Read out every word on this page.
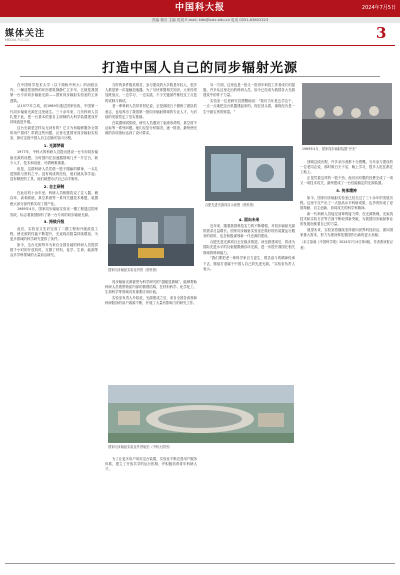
中国科大报	2024年7月5日
责编 秦川 主编 范成 E-mail: kdb@ustc.edu.cn 电话 0551-63602323
媒体关注
MEDIA FOCUS	3
打造中国人自己的同步辐射光源

在中国科学技术大学（以下简称中科大）的西校区内，一幢造型独特的环形建筑静静伫立多年，它就是我国第一台专用同步辐射光源——国家同步辐射实验室的主体建筑。

从1977年立项，到1989年通过国家验收，中国第一代同步辐射光源在这里诞生。三十余年来，几代科研人员扎根于此，把一台基本依靠自主研制的大科学装置建成并持续改进升级。

这台光源是怎样从无到有的？它又为何能够服务全国的用户群体？带着这些问题，记者走进国家同步辐射实验室，探访这段中国人自主创新的奋斗历程。

1. 光源梦萌

1977年，中科大的科研人员提出建设一台专用同步辐射光源的设想。当时国内在加速器领域几乎一片空白，缺少人才、技术和设备，可谓困难重重。

但是，这群科研人员凭借一股不服输的精神，一头扎进图纸与资料之中。没有现成的经验，他们就从零学起；没有精密的工具，他们就想办法自己动手制作。

2. 自主研制

在此后的十余年里，科研人员相继攻克了注入器、储存环、高频系统、真空系统等一系列关键技术难题，装置绝大部分部件都实现了国产化。

1989年4月，国家同步辐射实验室一期工程通过国家验收，标志着我国拥有了第一台专用的同步辐射光源。

3. 持续升级

此后，实验室又先后完成了二期工程和升级改造工程，使光源的性能不断提升，光束线站数量持续增加，为更多领域的科学研究提供了条件。

如今，这台光源每年为来自全国各地的科研人员提供数千小时的开放机时，支撑了材料、化学、生命、能源等众多学科领域的大量前沿研究。

当时的条件极其艰苦，参与建设的大多数是年轻人，很多人都是第一次接触加速器。为了尽快掌握相关知识，大家经常加班加点，一边学习，一边实践，不少关键部件都经过了反复的试制与调试。

老一辈科研人员常常回忆说，正是那段日子磨练了团队的意志，也培养出了我国第一批同步辐射领域的专业人才，为后续的发展奠定了坚实基础。

在装置调试阶段，研究人员遇到了束流寿命短、真空度不达标等一系列问题。他们反复分析原因，逐一排查，最终使光源的各项指标达到了设计要求。

国家同步辐射实验室内景（资料图）

同步辐射光源被誉为科学研究的“超级显微镜”，能够帮助科研人员观察物质内部的微观结构，在材料科学、化学化工、生命科学等领域具有重要应用价值。

实验室负责人介绍说，光源建成之后，来自全国各高校和科研院所的用户源源不断，开展了大量有影响力的研究工作。

国家同步辐射实验室外景航拍（中科大供图）

为了让更多用户用好这台装置，实验室不断完善用户服务体系，建立了开放共享的运行机制，并积极培养青年科研人才。

另一方面，这里也是一批又一批青年科技工作者成长的摇篮。许多从这里走出的科研人员，如今已经成为我国各大光源建设中的骨干力量。

实验室一位老研究员感慨地说：“我们当年是边学边干，一点一点地把这台机器建起来的。现在回头看，那段经历是一生中最宝贵的财富。”

合肥先进光源项目示意图（资料图）
4. 面向未来

近年来，随着我国科技实力的不断增强，对同步辐射光源的需求日益增长。国家同步辐射实验室在做好现有装置运行服务的同时，也在积极谋划新一代光源的建设。

合肥先进光源项目正在稳步推进。该光源建成后，将成为国际先进水平的衍射极限储存环光源，进一步提升我国在相关领域的科研能力。

“我们要把老一辈科学家自力更生、艰苦奋斗的精神传承下去，继续打造属于中国人自己的先进光源。”实验室负责人表示。

1989年4月，国家同步辐射装置“开光”

回顾这段历程，许多亲历者都十分感慨。当年参与建设的一位老同志说，那时候白天干活，晚上学习，很多人吃住都在工地上。

正是凭着这样的一股干劲，他们用有限的经费完成了一项又一项技术攻关，最终建成了一台性能稳定的光源装置。

5. 传承精神

如今，国家同步辐射实验室已经走过了三十余年的发展历程。这里不仅产出了一大批高水平科研成果，也孕育形成了爱国奉献、自主创新、协同攻关的科学家精神。

新一代科研人员接过前辈的接力棒，在光源物理、光束线技术和实验方法等方面不断取得新突破，为我国同步辐射事业的发展贡献着自己的力量。

展望未来，实验室将继续坚持面向世界科技前沿、面向国家重大需求，努力为建设科技强国作出新的更大贡献。

（本文原载《中国科学报》2024年7月4日第4版，作者系该报记者）
